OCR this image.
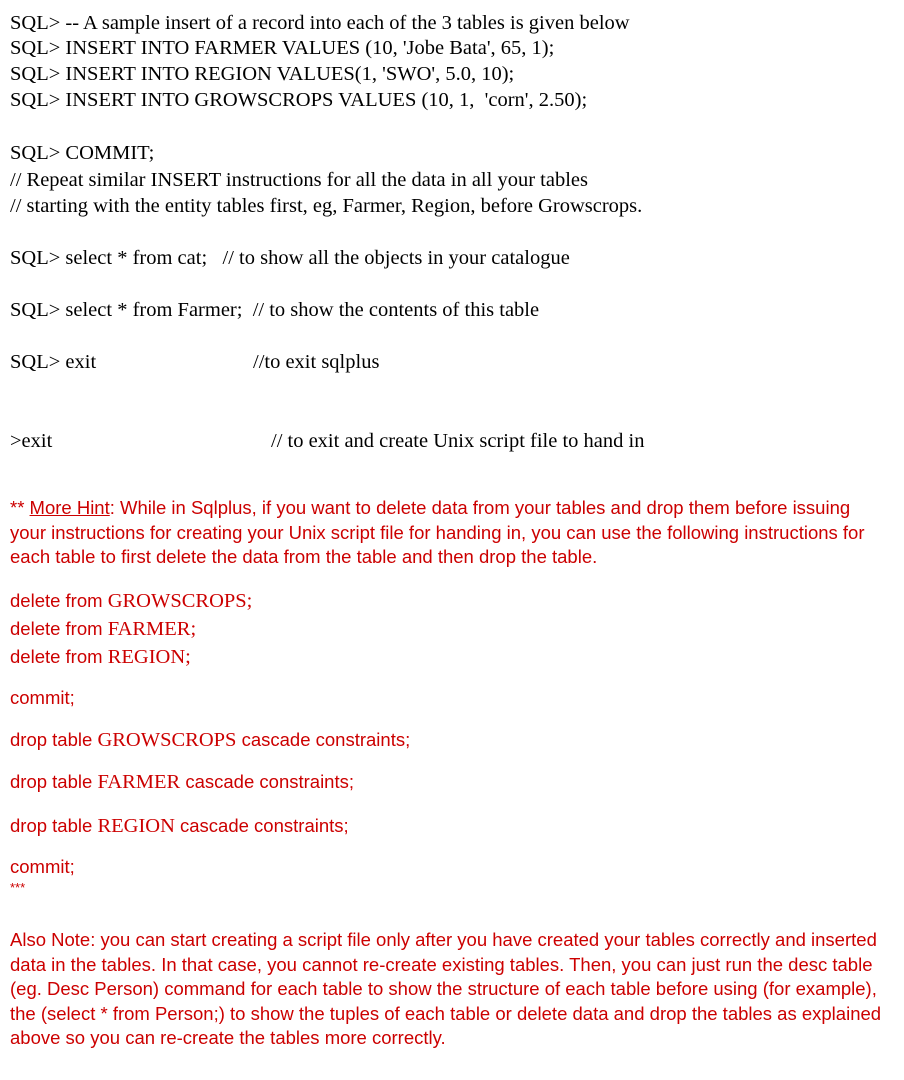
SQL> -- A sample insert of a record into each of the 3 tables is given below
SQL> INSERT INTO FARMER VALUES (10, 'Jobe Bata', 65, 1);
SQL> INSERT INTO REGION VALUES(1, 'SWO', 5.0, 10);
SQL> INSERT INTO GROWSCROPS VALUES (10, 1,  'corn', 2.50);
SQL> COMMIT;
// Repeat similar INSERT instructions for all the data in all your tables
// starting with the entity tables first, eg, Farmer, Region, before Growscrops.
SQL> select * from cat;   // to show all the objects in your catalogue
SQL> select * from Farmer;  // to show the contents of this table
SQL> exit	//to exit sqlplus
>exit	// to exit and create Unix script file to hand in
** More Hint: While in Sqlplus, if you want to delete data from your tables and drop them before issuing your instructions for creating your Unix script file for handing in, you can use the following instructions for each table to first delete the data from the table and then drop the table.
delete from GROWSCROPS;
delete from FARMER;
delete from REGION;
commit;
drop table GROWSCROPS cascade constraints;
drop table FARMER cascade constraints;
drop table REGION cascade constraints;
commit;
***
Also Note: you can start creating a script file only after you have created your tables correctly and inserted data in the tables. In that case, you cannot re-create existing tables. Then, you can just run the desc table (eg. Desc Person) command for each table to show the structure of each table before using (for example), the (select * from Person;) to show the tuples of each table or delete data and drop the tables as explained above so you can re-create the tables more correctly.
